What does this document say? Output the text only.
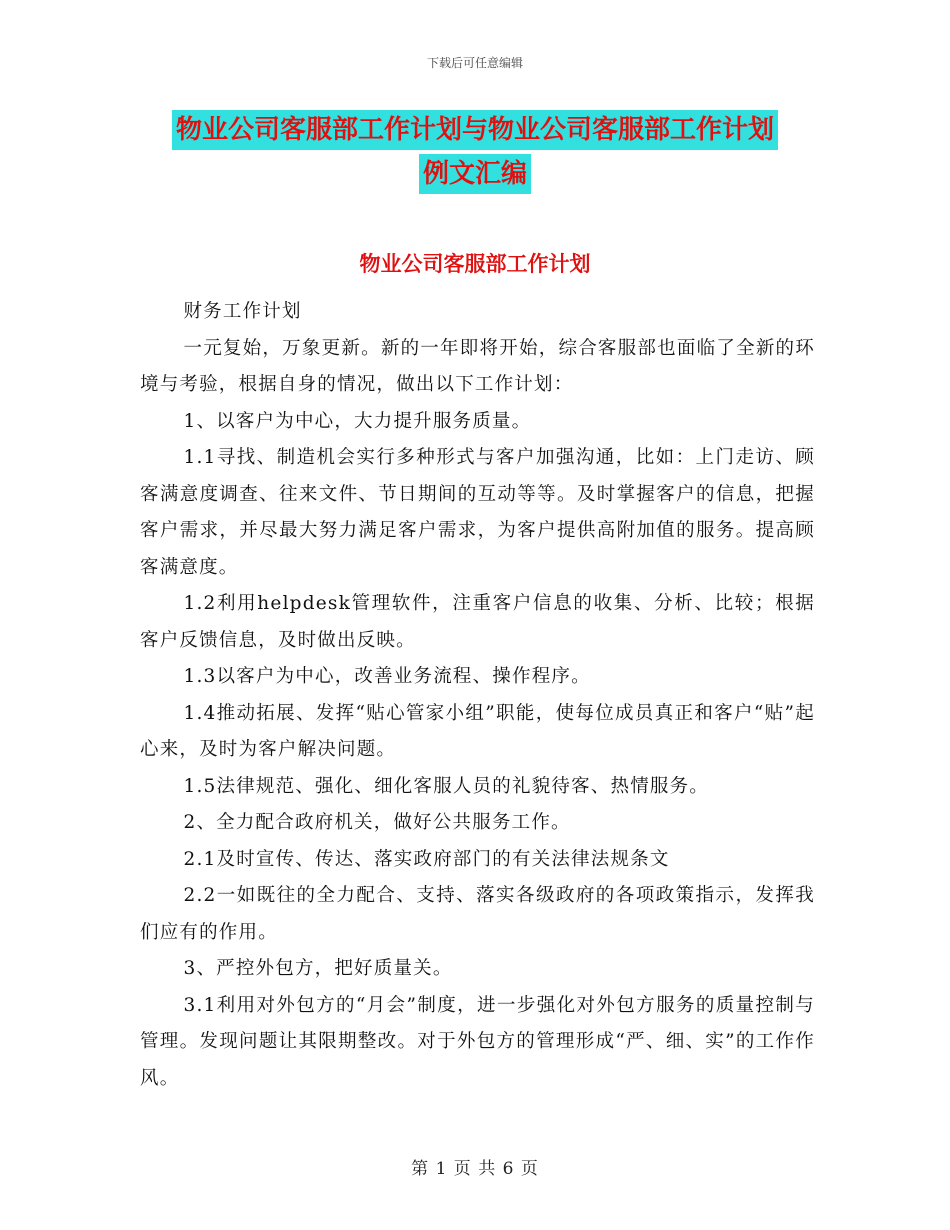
下载后可任意编辑
物业公司客服部工作计划与物业公司客服部工作计划
例文汇编
物业公司客服部工作计划

财务工作计划

一元复始，万象更新。新的一年即将开始，综合客服部也面临了全新的环境与考验，根据自身的情况，做出以下工作计划：

1、以客户为中心，大力提升服务质量。

1.1寻找、制造机会实行多种形式与客户加强沟通，比如：上门走访、顾客满意度调查、往来文件、节日期间的互动等等。及时掌握客户的信息，把握客户需求，并尽最大努力满足客户需求，为客户提供高附加值的服务。提高顾客满意度。

1.2利用helpdesk管理软件，注重客户信息的收集、分析、比较；根据客户反馈信息，及时做出反映。

1.3以客户为中心，改善业务流程、操作程序。

1.4推动拓展、发挥“贴心管家小组”职能，使每位成员真正和客户“贴”起心来，及时为客户解决问题。

1.5法律规范、强化、细化客服人员的礼貌待客、热情服务。

2、全力配合政府机关，做好公共服务工作。

2.1及时宣传、传达、落实政府部门的有关法律法规条文

2.2一如既往的全力配合、支持、落实各级政府的各项政策指示，发挥我们应有的作用。

3、严控外包方，把好质量关。

3.1利用对外包方的“月会”制度，进一步强化对外包方服务的质量控制与管理。发现问题让其限期整改。对于外包方的管理形成“严、细、实”的工作作风。

第 1 页 共 6 页
